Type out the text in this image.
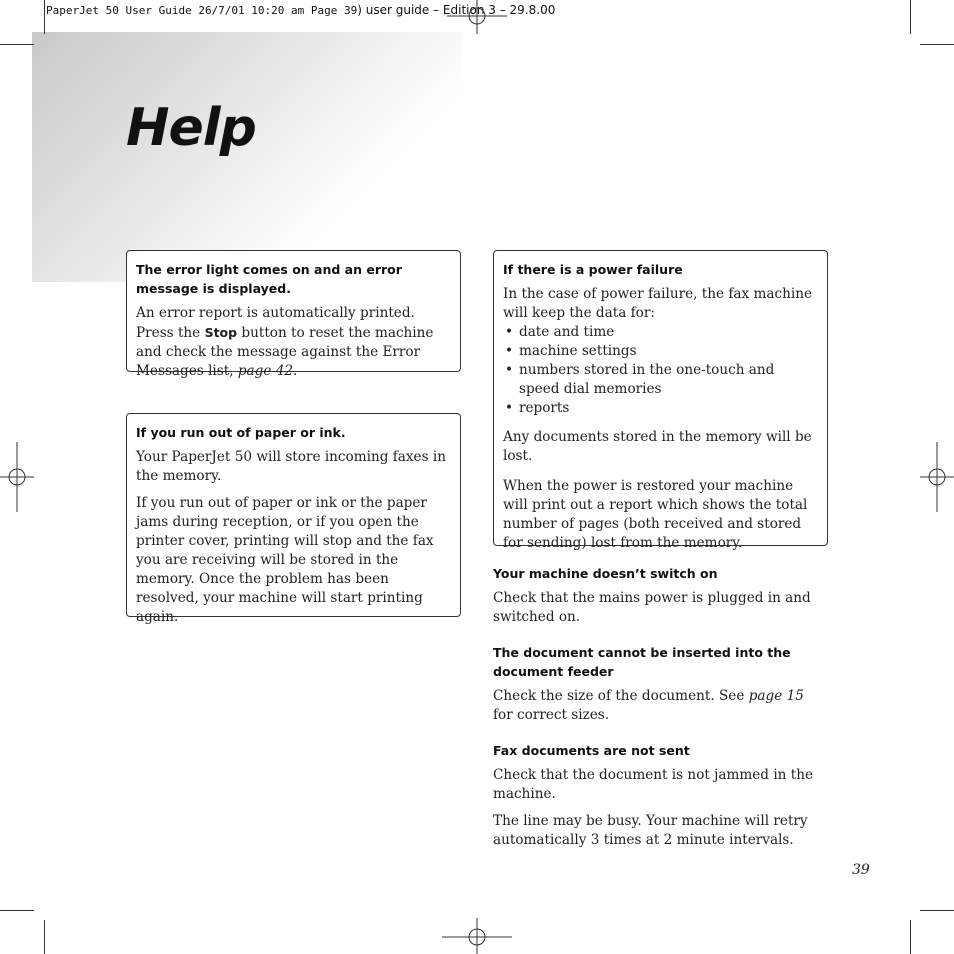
PaperJet 50 User Guide 26/7/01 10:20 am Page 39) user guide – Edition 3 – 29.8.00
Help

The error light comes on and an error message is displayed.

An error report is automatically printed. Press the Stop button to reset the machine and check the message against the Error Messages list, page 42.

If you run out of paper or ink.

Your PaperJet 50 will store incoming faxes in the memory.

If you run out of paper or ink or the paper jams during reception, or if you open the printer cover, printing will stop and the fax you are receiving will be stored in the memory. Once the problem has been resolved, your machine will start printing again.

If there is a power failure

In the case of power failure, the fax machine will keep the data for:

• date and time
• machine settings
• numbers stored in the one-touch and speed dial memories
• reports

Any documents stored in the memory will be lost.

When the power is restored your machine will print out a report which shows the total number of pages (both received and stored for sending) lost from the memory.

Your machine doesn’t switch on

Check that the mains power is plugged in and switched on.

The document cannot be inserted into the document feeder

Check the size of the document. See page 15 for correct sizes.

Fax documents are not sent

Check that the document is not jammed in the machine.

The line may be busy. Your machine will retry automatically 3 times at 2 minute intervals.

39
